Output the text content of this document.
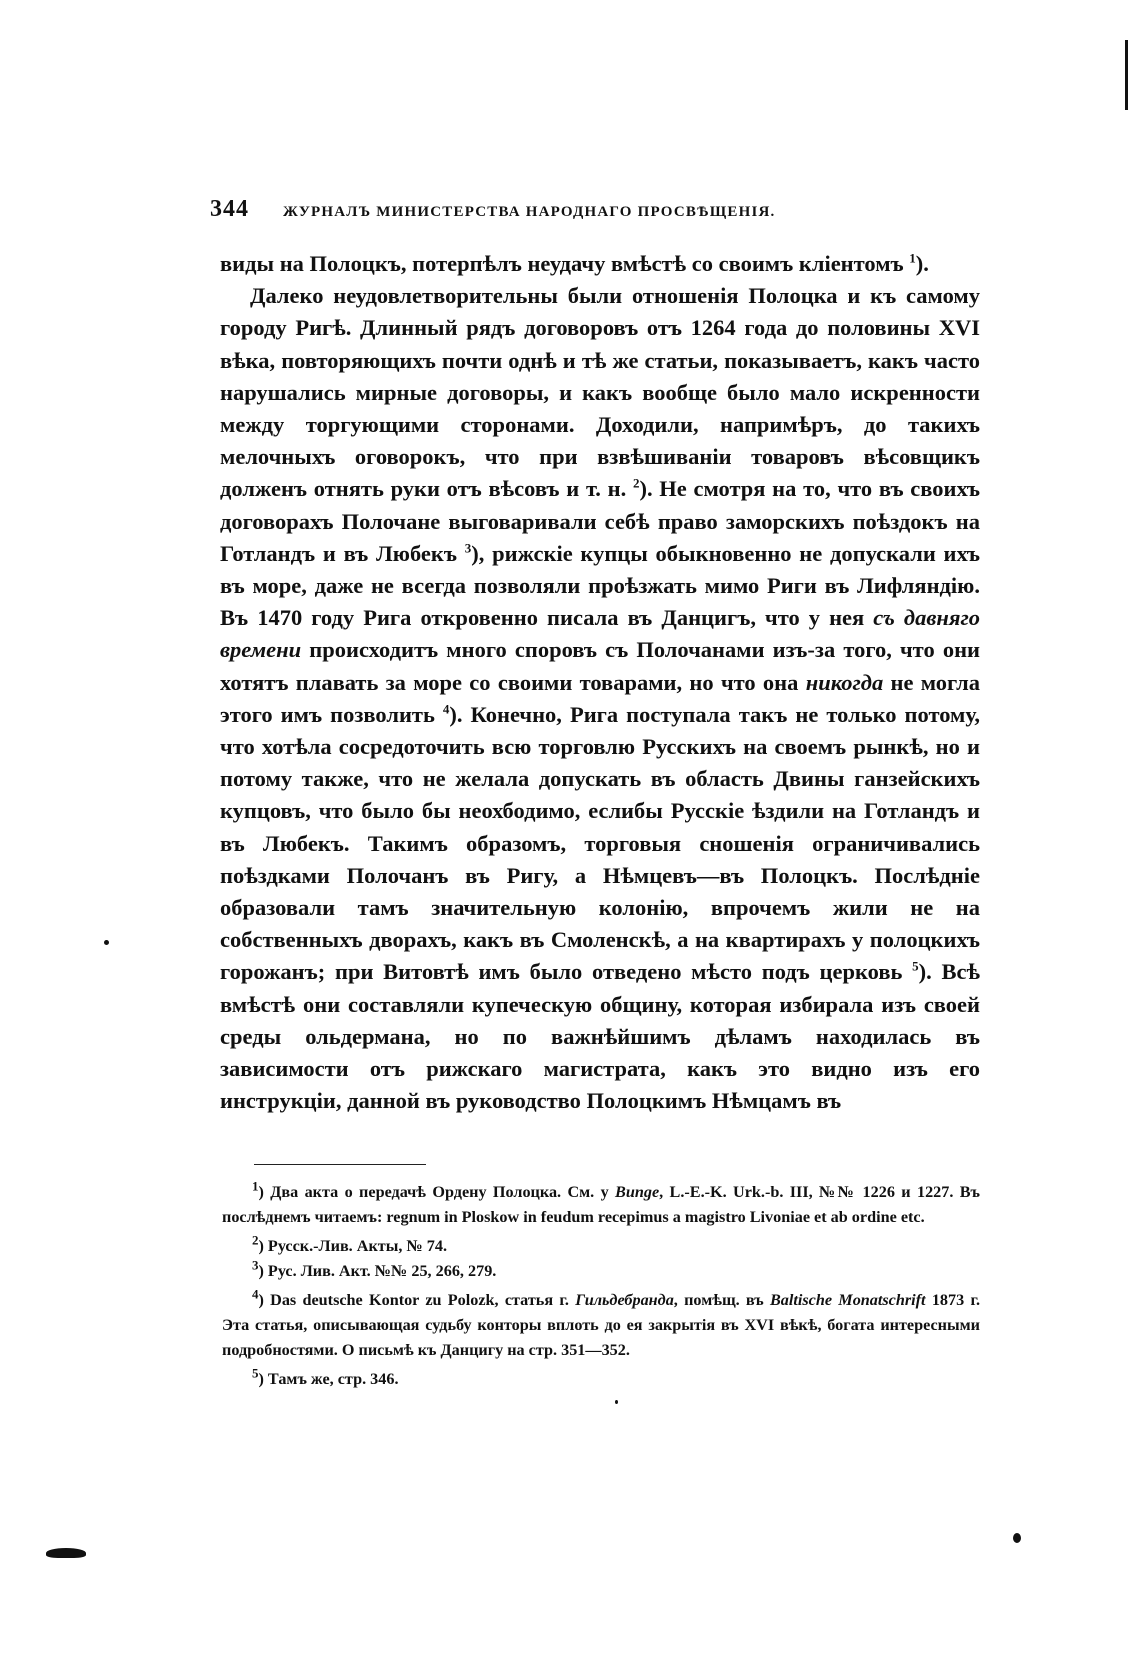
344 ЖУРНАЛЪ МИНИСТЕРСТВА НАРОДНАГО ПРОСВѢЩЕНІЯ.

виды на Полоцкъ, потерпѣлъ неудачу вмѣстѣ со своимъ кліентомъ $^1$).

Далеко неудовлетворительны были отношенія Полоцка и къ самому городу Ригѣ. Длинный рядъ договоровъ отъ 1264 года до половины XVI вѣка, повторяющихъ почти однѣ и тѣ же статьи, показываетъ, какъ часто нарушались мирные договоры, и какъ вообще было мало искренности между торгующими сторонами. Доходили, напримѣръ, до такихъ мелочныхъ оговорокъ, что при взвѣшиваніи товаровъ вѣсовщикъ долженъ отнять руки отъ вѣсовъ и т. н. $^2$). Не смотря на то, что въ своихъ договорахъ Полочане выговаривали себѣ право заморскихъ поѣздокъ на Готландъ и въ Любекъ $^3$), рижскіе купцы обыкновенно не допускали ихъ въ море, даже не всегда позволяли проѣзжать мимо Риги въ Лифляндію. Въ 1470 году Рига откровенно писала въ Данцигъ, что у нея съ давняго времени происходитъ много споровъ съ Полочанами изъ-за того, что они хотятъ плавать за море со своими товарами, но что она никогда не могла этого имъ позволить $^4$). Конечно, Рига поступала такъ не только потому, что хотѣла сосредоточить всю торговлю Русскихъ на своемъ рынкѣ, но и потому также, что не желала допускать въ область Двины ганзейскихъ купцовъ, что было бы неохбодимо, еслибы Русскіе ѣздили на Готландъ и въ Любекъ. Такимъ образомъ, торговыя сношенія ограничивались поѣздками Полочанъ въ Ригу, а Нѣмцевъ—въ Полоцкъ. Послѣдніе образовали тамъ значительную колонію, впрочемъ жили не на собственныхъ дворахъ, какъ въ Смоленскѣ, а на квартирахъ у полоцкихъ горожанъ; при Витовтѣ имъ было отведено мѣсто подъ церковь $^5$). Всѣ вмѣстѣ они составляли купеческую общину, которая избирала изъ своей среды ольдермана, но по важнѣйшимъ дѣламъ находилась въ зависимости отъ рижскаго магистрата, какъ это видно изъ его инструкціи, данной въ руководство Полоцкимъ Нѣмцамъ въ

$^1$) Два акта о передачѣ Ордену Полоцка. См. у Bunge, L.-E.-K. Urk.-b. III, №№ 1226 и 1227. Въ послѣднемъ читаемъ: regnum in Ploskow in feudum recepimus a magistro Livoniae et ab ordine etc.

$^2$) Русск.-Лив. Акты, № 74.

$^3$) Рус. Лив. Акт. №№ 25, 266, 279.

$^4$) Das deutsche Kontor zu Polozk, статья г. Гильдебранда, помѣщ. въ Baltische Monatschrift 1873 г. Эта статья, описывающая судьбу конторы вплоть до ея закрытія въ XVI вѣкѣ, богата интересными подробностями. О письмѣ къ Данцигу на стр. 351—352.

$^5$) Тамъ же, стр. 346.
